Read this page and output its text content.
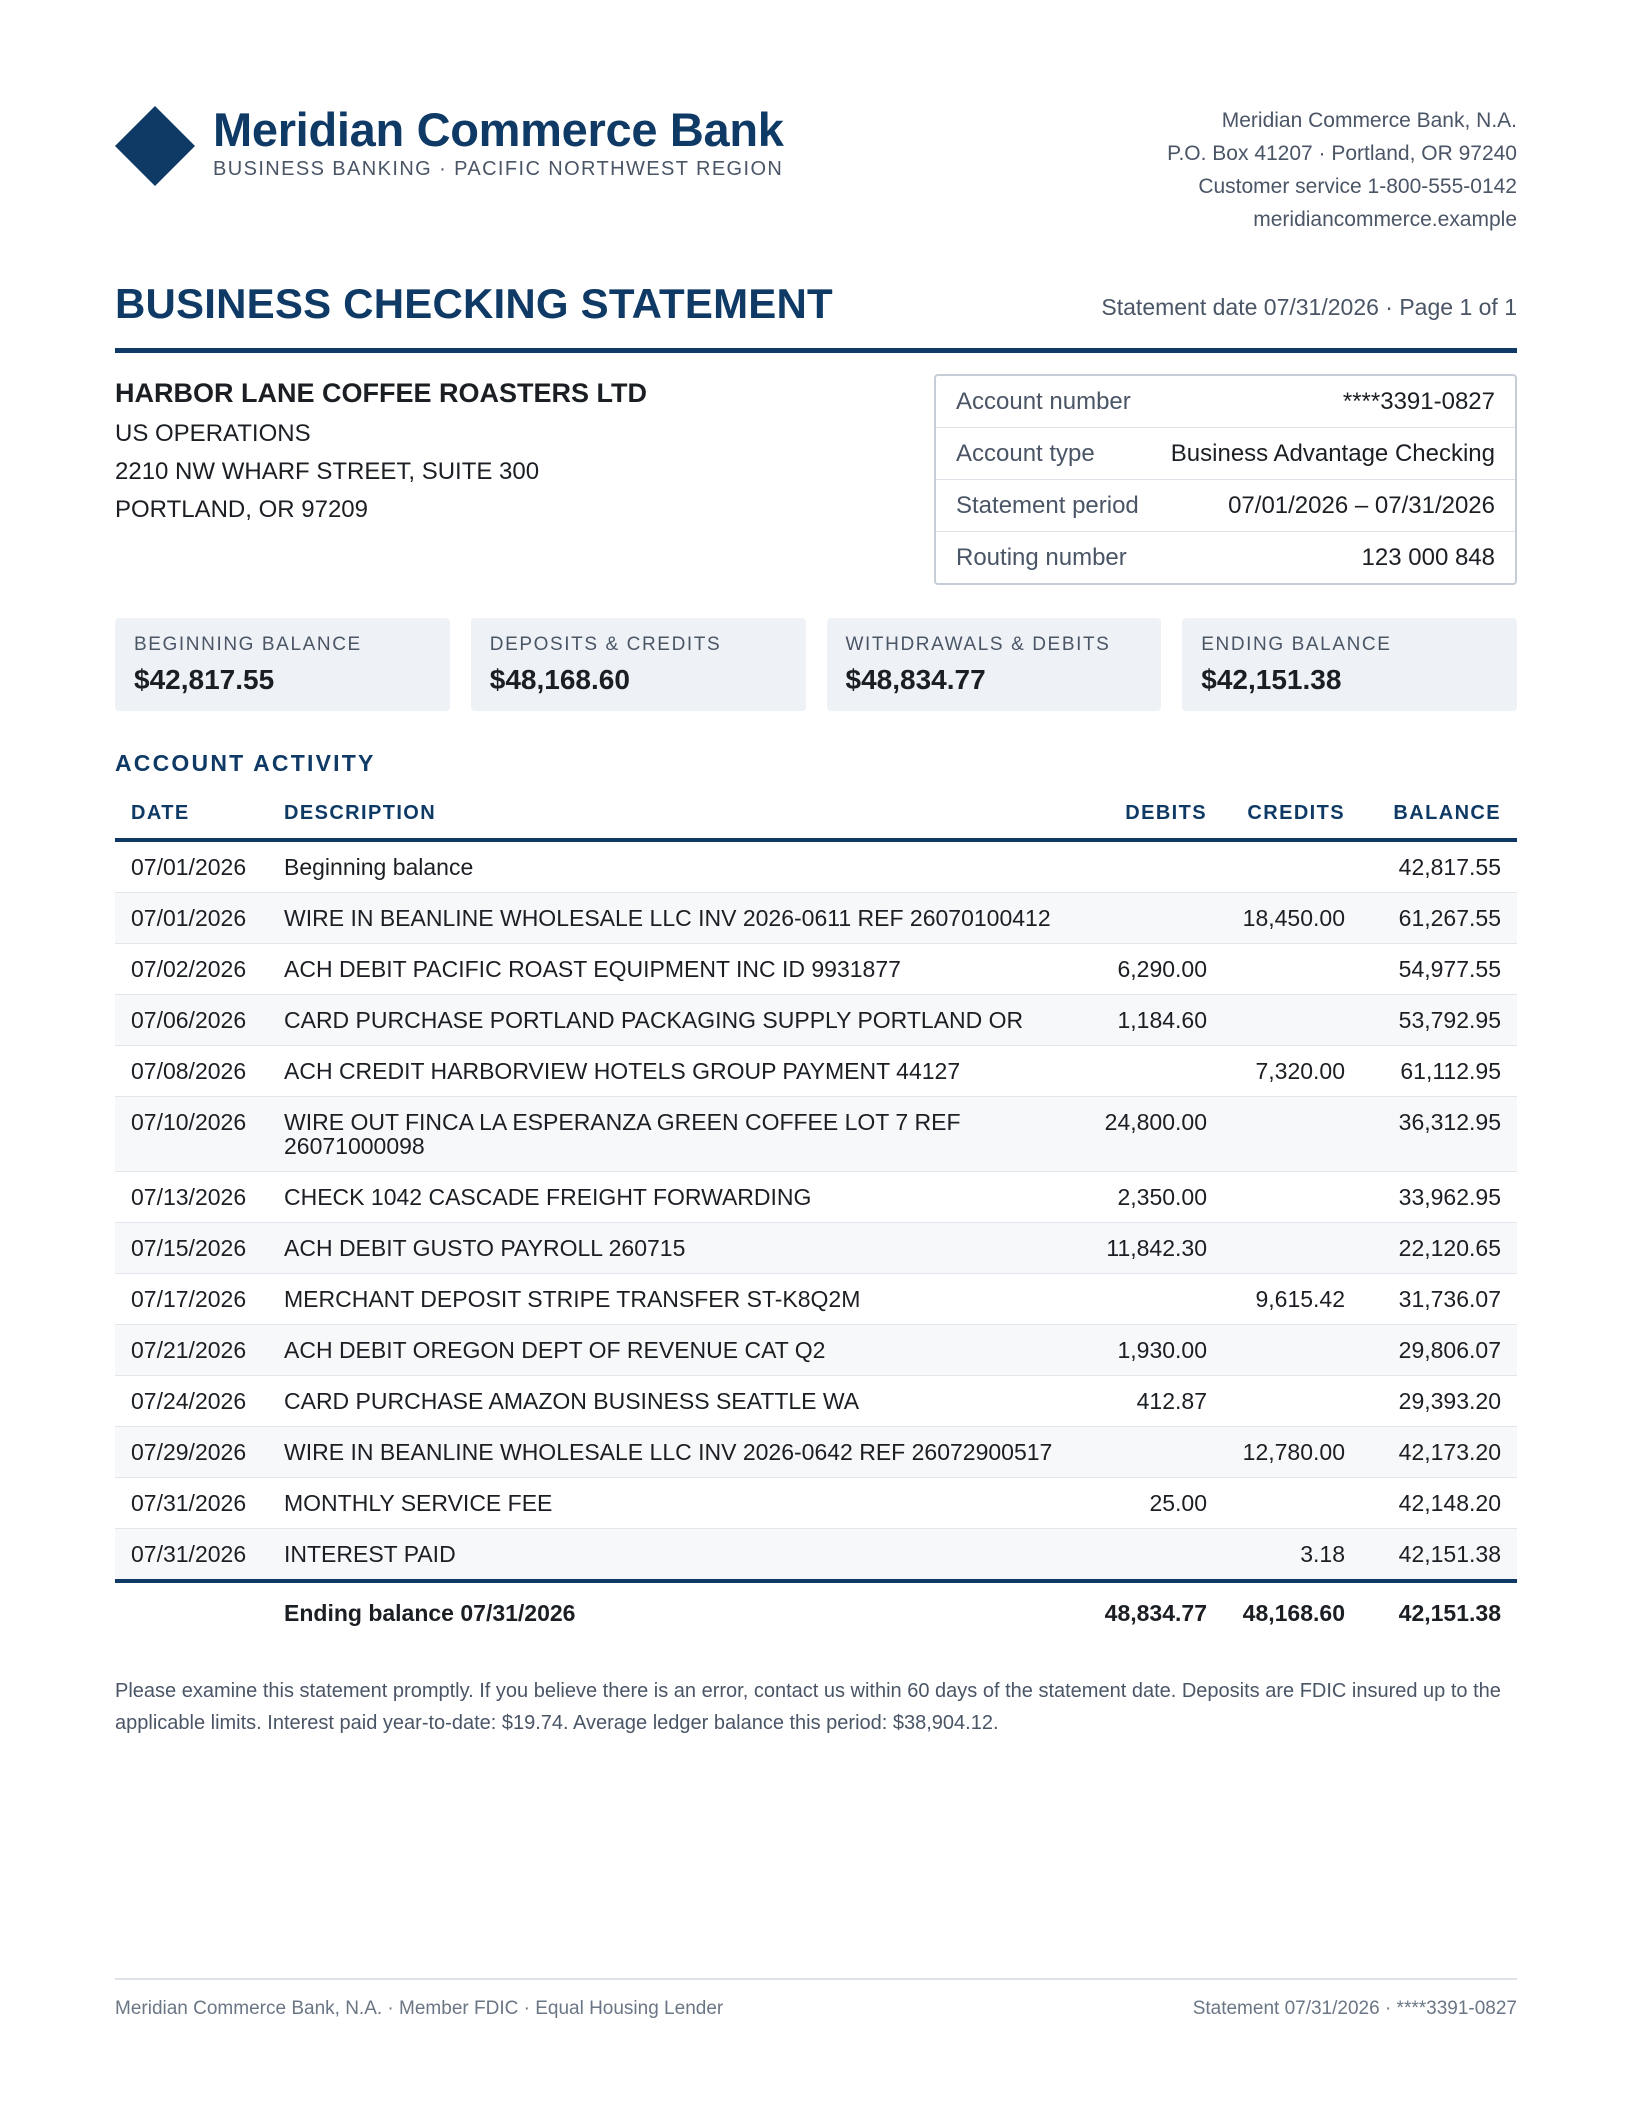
Meridian Commerce Bank
BUSINESS BANKING · PACIFIC NORTHWEST REGION
Meridian Commerce Bank, N.A.
P.O. Box 41207 · Portland, OR 97240
Customer service 1-800-555-0142
meridiancommerce.example
BUSINESS CHECKING STATEMENT	Statement date 07/31/2026 · Page 1 of 1
HARBOR LANE COFFEE ROASTERS LTD
US OPERATIONS
2210 NW WHARF STREET, SUITE 300
PORTLAND, OR 97209
Account number	****3391-0827
Account type	Business Advantage Checking
Statement period	07/01/2026 – 07/31/2026
Routing number	123 000 848
BEGINNING BALANCE
$42,817.55
DEPOSITS & CREDITS
$48,168.60
WITHDRAWALS & DEBITS
$48,834.77
ENDING BALANCE
$42,151.38
ACCOUNT ACTIVITY
DATE	DESCRIPTION	DEBITS	CREDITS	BALANCE
07/01/2026	Beginning balance			42,817.55
07/01/2026	WIRE IN BEANLINE WHOLESALE LLC INV 2026-0611 REF 26070100412		18,450.00	61,267.55
07/02/2026	ACH DEBIT PACIFIC ROAST EQUIPMENT INC ID 9931877	6,290.00		54,977.55
07/06/2026	CARD PURCHASE PORTLAND PACKAGING SUPPLY PORTLAND OR	1,184.60		53,792.95
07/08/2026	ACH CREDIT HARBORVIEW HOTELS GROUP PAYMENT 44127		7,320.00	61,112.95
07/10/2026	WIRE OUT FINCA LA ESPERANZA GREEN COFFEE LOT 7 REF 26071000098	24,800.00		36,312.95
07/13/2026	CHECK 1042 CASCADE FREIGHT FORWARDING	2,350.00		33,962.95
07/15/2026	ACH DEBIT GUSTO PAYROLL 260715	11,842.30		22,120.65
07/17/2026	MERCHANT DEPOSIT STRIPE TRANSFER ST-K8Q2M		9,615.42	31,736.07
07/21/2026	ACH DEBIT OREGON DEPT OF REVENUE CAT Q2	1,930.00		29,806.07
07/24/2026	CARD PURCHASE AMAZON BUSINESS SEATTLE WA	412.87		29,393.20
07/29/2026	WIRE IN BEANLINE WHOLESALE LLC INV 2026-0642 REF 26072900517		12,780.00	42,173.20
07/31/2026	MONTHLY SERVICE FEE	25.00		42,148.20
07/31/2026	INTEREST PAID		3.18	42,151.38
	Ending balance 07/31/2026	48,834.77	48,168.60	42,151.38
Please examine this statement promptly. If you believe there is an error, contact us within 60 days of the statement date. Deposits are FDIC insured up to the applicable limits. Interest paid year-to-date: $19.74. Average ledger balance this period: $38,904.12.
Meridian Commerce Bank, N.A. · Member FDIC · Equal Housing Lender	Statement 07/31/2026 · ****3391-0827
